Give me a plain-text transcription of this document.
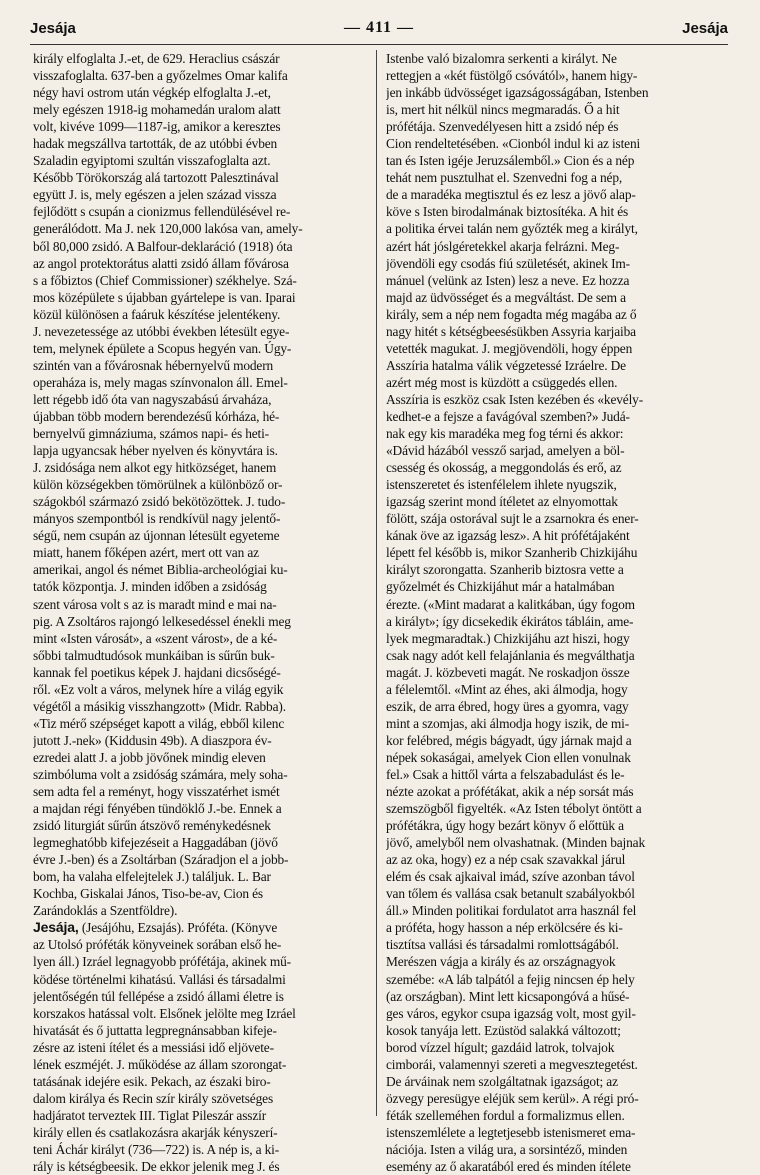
Jesája	— 411 —	Jesája
király elfoglalta J.-et, de 629. Heraclius császár
visszafoglalta. 637-ben a győzelmes Omar kalifa
négy havi ostrom után végkép elfoglalta J.-et,
mely egészen 1918-ig mohamedán uralom alatt
volt, kivéve 1099—1187-ig, amikor a keresztes
hadak megszállva tartották, de az utóbbi évben
Szaladin egyiptomi szultán visszafoglalta azt.
Később Törökország alá tartozott Palesztinával
együtt J. is, mely egészen a jelen század vissza
fejlődött s csupán a cionizmus fellendülésével re-
generálódott. Ma J. nek 120,000 lakósa van, amely-
ből 80,000 zsidó. A Balfour-deklaráció (1918) óta
az angol protektorátus alatti zsidó állam fővárosa
s a főbiztos (Chief Commissioner) székhelye. Szá-
mos középülete s újabban gyártelepe is van. Iparai
közül különösen a faáruk készítése jelentékeny.
J. nevezetessége az utóbbi években létesült egye-
tem, melynek épülete a Scopus hegyén van. Úgy-
szintén van a fővárosnak hébernyelvű modern
operaháza is, mely magas színvonalon áll. Emel-
lett régebb idő óta van nagyszabású árvaháza,
újabban több modern berendezésű kórháza, hé-
bernyelvű gimnáziuma, számos napi- és heti-
lapja ugyancsak héber nyelven és könyvtára is.
J. zsidósága nem alkot egy hitközséget, hanem
külön községekben tömörülnek a különböző or-
szágokból származó zsidó bekötözöttek. J. tudo-
mányos szempontból is rendkívül nagy jelentő-
ségű, nem csupán az újonnan létesült egyeteme
miatt, hanem főképen azért, mert ott van az
amerikai, angol és német Biblia-archeológiai ku-
tatók központja. J. minden időben a zsidóság
szent városa volt s az is maradt mind e mai na-
pig. A Zsoltáros rajongó lelkesedéssel énekli meg
mint «Isten városát», a «szent várost», de a ké-
sőbbi talmudtudósok munkáiban is sűrűn buk-
kannak fel poetikus képek J. hajdani dicsőségé-
ről. «Ez volt a város, melynek híre a világ egyik
végétől a másikig visszhangzott» (Midr. Rabba).
«Tiz mérő szépséget kapott a világ, ebből kilenc
jutott J.-nek» (Kiddusin 49b). A diaszpora év-
ezredei alatt J. a jobb jövőnek mindig eleven
szimbóluma volt a zsidóság számára, mely soha-
sem adta fel a reményt, hogy visszatérhet ismét
a majdan régi fényében tündöklő J.-be. Ennek a
zsidó liturgiát sűrűn átszövő reménykedésnek
legmeghatóbb kifejezéseit a Haggadában (jövő
évre J.-ben) és a Zsoltárban (Száradjon el a jobb-
bom, ha valaha elfelejtelek J.) találjuk. L. Bar
Kochba, Giskalai János, Tiso-be-av, Cion és
Zarándoklás a Szentföldre).
Jesája, (Jesájóhu, Ezsajás). Próféta. (Könyve
az Utolsó próféták könyveinek sorában első he-
lyen áll.) Izráel legnagyobb prófétája, akinek mű-
ködése történelmi kihatású. Vallási és társadalmi
jelentőségén túl fellépése a zsidó állami életre is
korszakos hatással volt. Elsőnek jelölte meg Izráel
hivatását és ő juttatta legpregnánsabban kifeje-
zésre az isteni ítélet és a messiási idő eljövete-
lének eszméjét. J. működése az állam szorongat-
tatásának idejére esik. Pekach, az északi biro-
dalom királya és Recin szír király szövetséges
hadjáratot terveztek III. Tiglat Pileszár asszír
király ellen és csatlakozásra akarják kényszerí-
teni Áchár királyt (736—722) is. A nép is, a ki-
rály is kétségbeesik. De ekkor jelenik meg J. és
Istenbe való bizalomra serkenti a királyt. Ne
rettegjen a «két füstölgő csóvától», hanem higy-
jen inkább üdvösséget igazságosságában, Istenben
is, mert hit nélkül nincs megmaradás. Ő a hit
prófétája. Szenvedélyesen hitt a zsidó nép és
Cion rendeltetésében. «Cionból indul ki az isteni
tan és Isten igéje Jeruzsálemből.» Cion és a nép
tehát nem pusztulhat el. Szenvedni fog a nép,
de a maradéka megtisztul és ez lesz a jövő alap-
köve s Isten birodalmának biztosítéka. A hit és
a politika érvei talán nem győzték meg a királyt,
azért hát jóslgéretekkel akarja felrázni. Meg-
jövendöli egy csodás fiú születését, akinek Im-
mánuel (velünk az Isten) lesz a neve. Ez hozza
majd az üdvösséget és a megváltást. De sem a
király, sem a nép nem fogadta még magába az ő
nagy hitét s kétségbeesésükben Assyria karjaiba
vetették magukat. J. megjövendöli, hogy éppen
Asszíria hatalma válik végzetessé Izráelre. De
azért még most is küzdött a csüggedés ellen.
Asszíria is eszköz csak Isten kezében és «kevély-
kedhet-e a fejsze a favágóval szemben?» Judá-
nak egy kis maradéka meg fog térni és akkor:
«Dávid házából vessző sarjad, amelyen a böl-
csesség és okosság, a meggondolás és erő, az
istenszeretet és istenfélelem ihlete nyugszik,
igazság szerint mond ítéletet az elnyomottak
fölött, szája ostorával sujt le a zsarnokra és ener-
kának öve az igazság lesz». A hit prófétájaként
lépett fel később is, mikor Szanherib Chizkijáhu
királyt szorongatta. Szanherib biztosra vette a
győzelmét és Chizkijáhut már a hatalmában
érezte. («Mint madarat a kalitkában, úgy fogom
a királyt»; így dicsekedik ékirátos tábláin, ame-
lyek megmaradtak.) Chizkijáhu azt hiszi, hogy
csak nagy adót kell felajánlania és megválthatja
magát. J. közbeveti magát. Ne roskadjon össze
a félelemtől. «Mint az éhes, aki álmodja, hogy
eszik, de arra ébred, hogy üres a gyomra, vagy
mint a szomjas, aki álmodja hogy iszik, de mi-
kor felébred, mégis bágyadt, úgy járnak majd a
népek sokaságai, amelyek Cion ellen vonulnak
fel.» Csak a hittől várta a felszabadulást és le-
nézte azokat a prófétákat, akik a nép sorsát más
szemszögből figyelték. «Az Isten tébolyt öntött a
prófétákra, úgy hogy bezárt könyv ő előttük a
jövő, amelyből nem olvashatnak. (Minden bajnak
az az oka, hogy) ez a nép csak szavakkal járul
elém és csak ajkaival imád, szíve azonban távol
van tőlem és vallása csak betanult szabályokból
áll.» Minden politikai fordulatot arra használ fel
a próféta, hogy hasson a nép erkölcsére és ki-
tisztítsa vallási és társadalmi romlottságából.
Merészen vágja a király és az országnagyok
szemébe: «A láb talpától a fejig nincsen ép hely
(az országban). Mint lett kicsapongóvá a hűsé-
ges város, egykor csupa igazság volt, most gyil-
kosok tanyája lett. Ezüstöd salakká változott;
borod vízzel hígult; gazdáid latrok, tolvajok
cimborái, valamennyi szereti a megvesztegetést.
De árváinak nem szolgáltatnak igazságot; az
özvegy peresügye eléjük sem kerül». A régi pró-
féták szelleméhen fordul a formalizmus ellen.
istenszemlélete a legtetjesebb istenismeret ema-
nációja. Isten a világ ura, a sorsintéző, minden
esemény az ő akaratából ered és minden ítélete
